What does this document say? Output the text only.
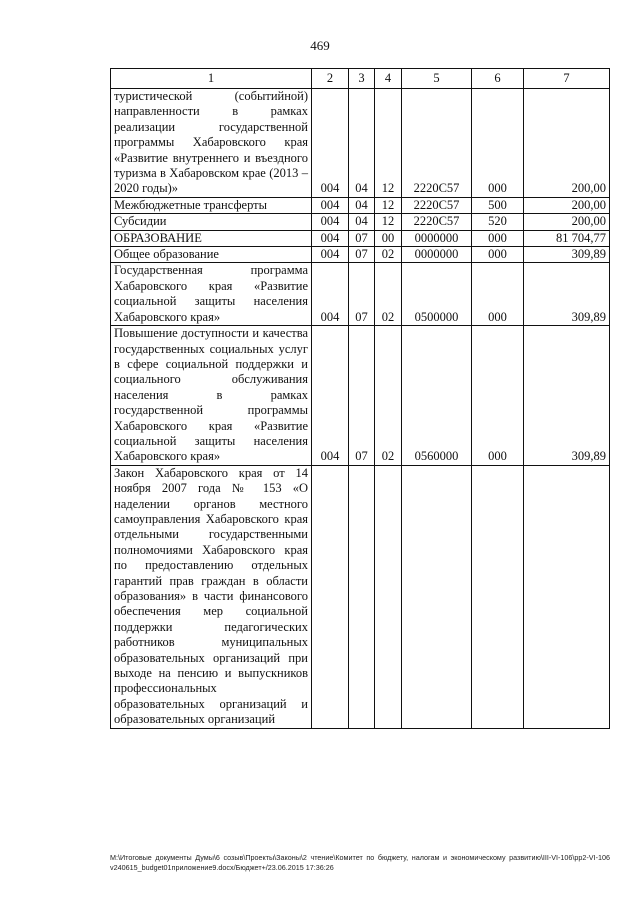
469
1	2	3	4	5	6	7
туристической (событийной) направленности в рамках реализации государственной программы Хабаровского края «Развитие внутреннего и въездного туризма в Хабаровском крае (2013 – 2020 годы)»	004	04	12	2220С57	000	200,00
Межбюджетные трансферты	004	04	12	2220С57	500	200,00
Субсидии	004	04	12	2220С57	520	200,00
ОБРАЗОВАНИЕ	004	07	00	0000000	000	81 704,77
Общее образование	004	07	02	0000000	000	309,89
Государственная программа Хабаровского края «Развитие социальной защиты населения Хабаровского края»	004	07	02	0500000	000	309,89
Повышение доступности и качества государственных социальных услуг в сфере социальной поддержки и социального обслуживания населения в рамках государственной программы Хабаровского края «Развитие социальной защиты населения Хабаровского края»	004	07	02	0560000	000	309,89
Закон Хабаровского края от 14 ноября 2007 года № 153 «О наделении органов местного самоуправления Хабаровского края отдельными государственными полномочиями Хабаровского края по предоставлению отдельных гарантий прав граждан в области образования» в части финансового обеспечения мер социальной поддержки педагогических работников муниципальных образовательных организаций при выходе на пенсию и выпускников профессиональных образовательных организаций и образовательных организаций						
M:\Итоговые документы Думы\6 созыв\Проекты\Законы\2 чтение\Комитет по бюджету, налогам и экономическому развитию\III-VI-106\рр2-VI-106 v240615_budget01приложение9.docx/Бюджет+/23.06.2015 17:36:26
